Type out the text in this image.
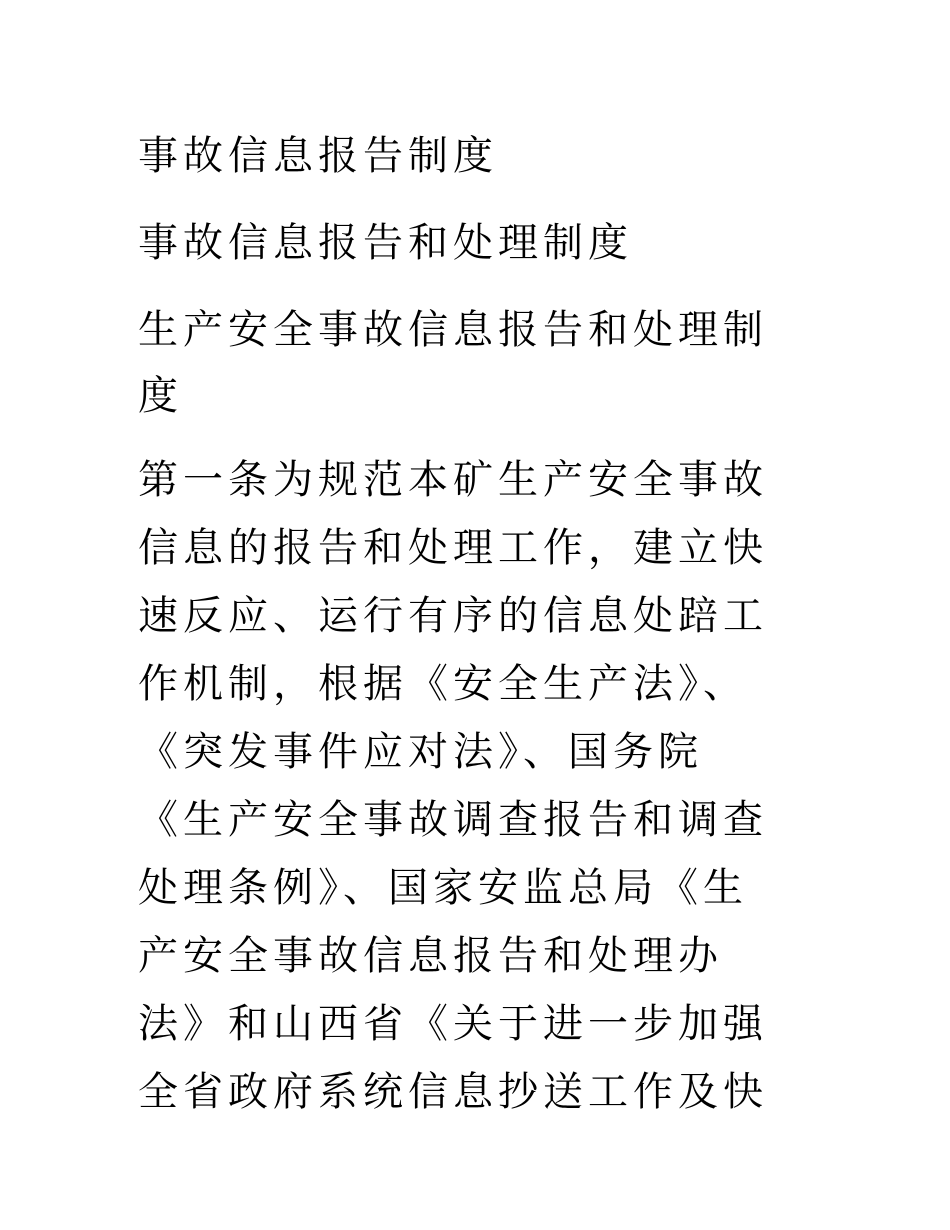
事故信息报告制度
事故信息报告和处理制度
生产安全事故信息报告和处理制
度
第一条为规范本矿生产安全事故
信息的报告和处理工作，建立快
速反应、运行有序的信息处踣工
作机制，根据《安全生产法》、
《突发事件应对法》、国务院
《生产安全事故调查报告和调查
处理条例》、国家安监总局《生
产安全事故信息报告和处理办
法》和山西省《关于进一步加强
全省政府系统信息抄送工作及快
